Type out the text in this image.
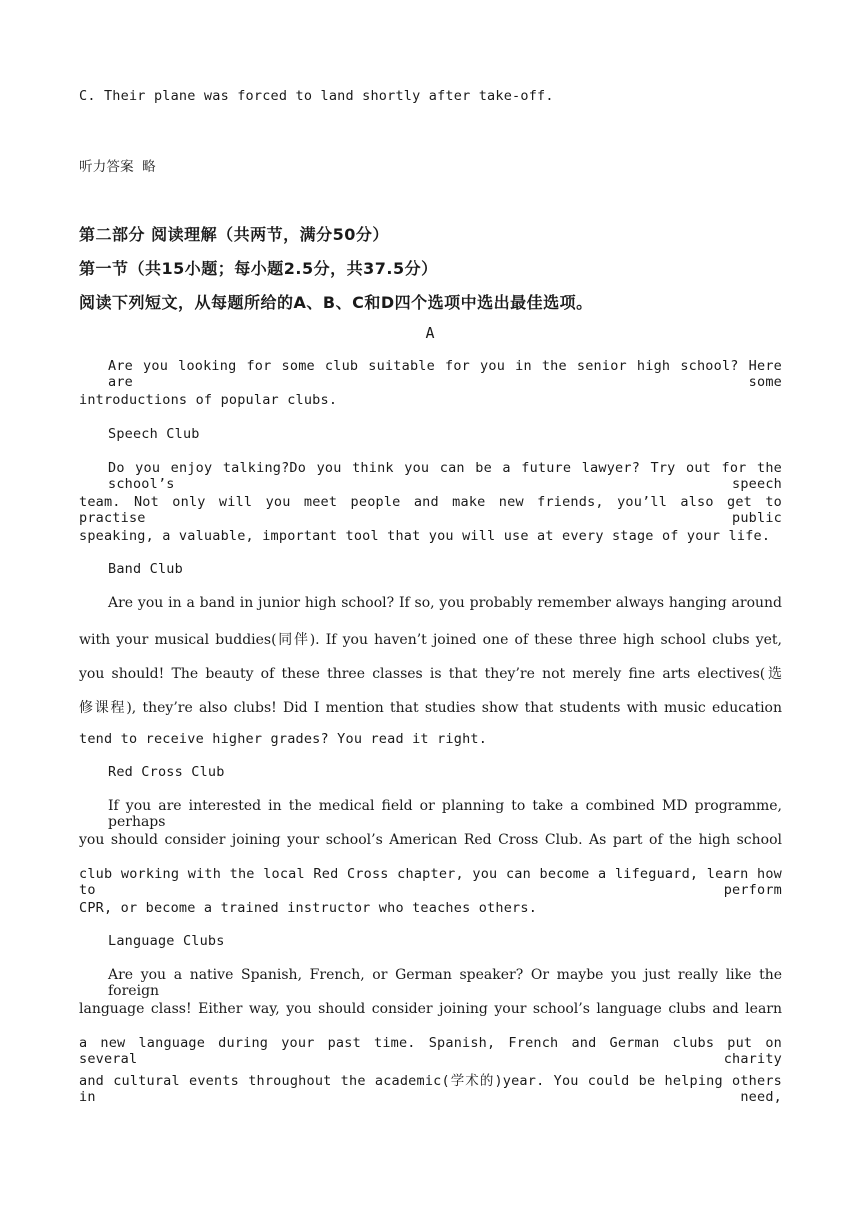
C. Their plane was forced to land shortly after take-off.
听力答案 略
第二部分 阅读理解（共两节，满分50分）
第一节（共15小题；每小题2.5分，共37.5分）
阅读下列短文，从每题所给的A、B、C和D四个选项中选出最佳选项。
A
Are you looking for some club suitable for you in the senior high school? Here are some
introductions of popular clubs.
Speech Club
Do you enjoy talking?Do you think you can be a future lawyer? Try out for the school’s speech
team. Not only will you meet people and make new friends, you’ll also get to practise public
speaking, a valuable, important tool that you will use at every stage of your life.
Band Club
Are you in a band in junior high school? If so, you probably remember always hanging around
with your musical buddies(同伴). If you haven’t joined one of these three high school clubs yet,
you should! The beauty of these three classes is that they’re not merely fine arts electives(选
修课程), they’re also clubs! Did I mention that studies show that students with music education
tend to receive higher grades? You read it right.
Red Cross Club
If you are interested in the medical field or planning to take a combined MD programme, perhaps
you should consider joining your school’s American Red Cross Club. As part of the high school
club working with the local Red Cross chapter, you can become a lifeguard, learn how to perform
CPR, or become a trained instructor who teaches others.
Language Clubs
Are you a native Spanish, French, or German speaker? Or maybe you just really like the foreign
language class! Either way, you should consider joining your school’s language clubs and learn
a new language during your past time. Spanish, French and German clubs put on several charity
and cultural events throughout the academic(学术的)year. You could be helping others in need,
